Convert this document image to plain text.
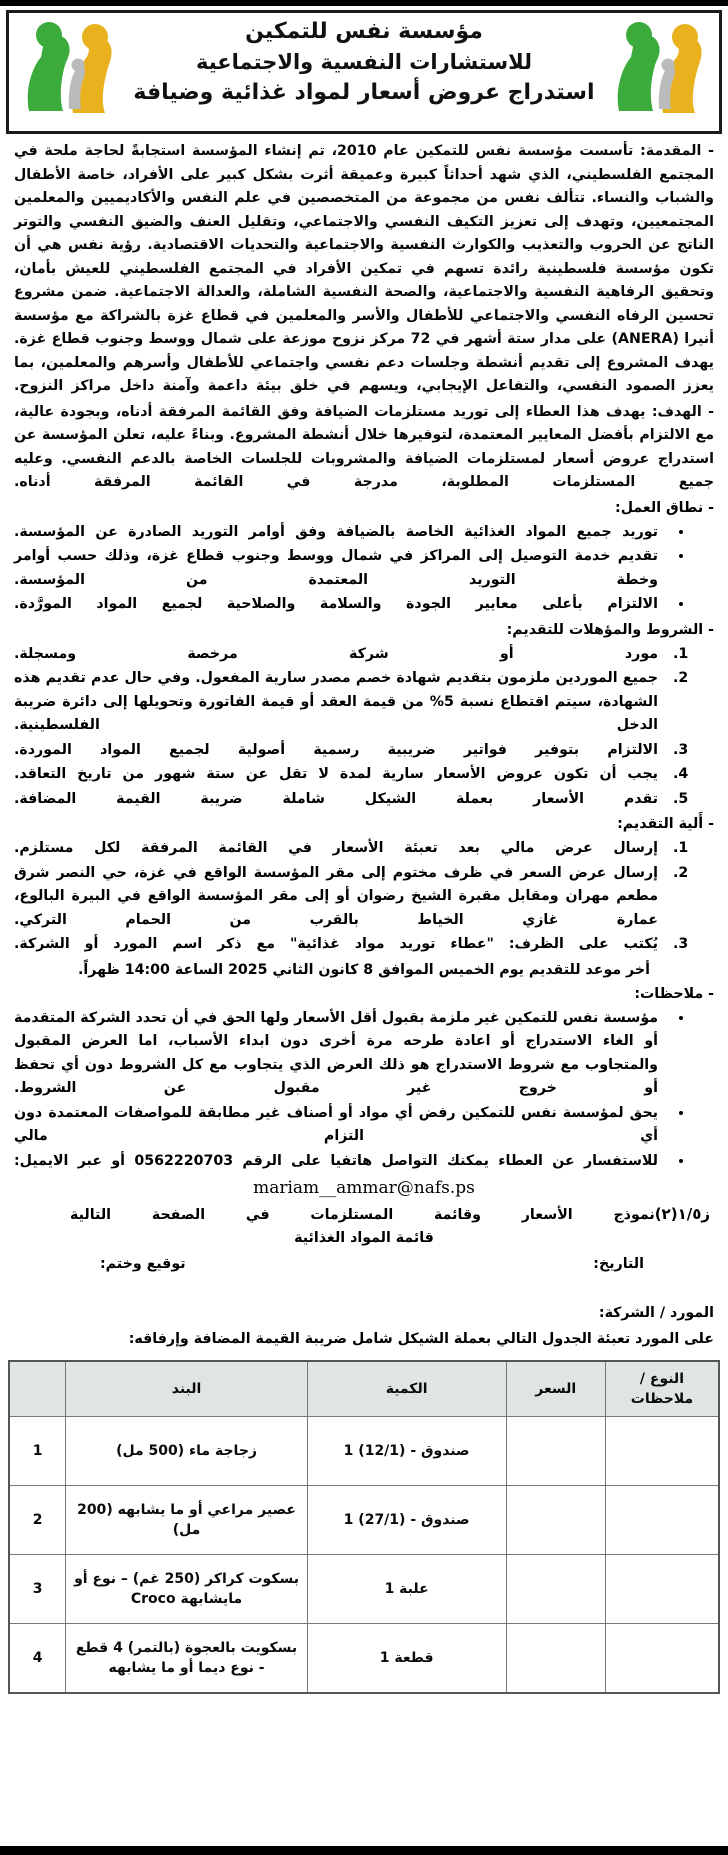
مؤسسة نفس للتمكين
للاستشارات النفسية والاجتماعية
استدراج عروض أسعار لمواد غذائية وضيافة

- المقدمة: تأسست مؤسسة نفس للتمكين عام 2010، تم إنشاء المؤسسة استجابةً لحاجة ملحة في المجتمع الفلسطيني، الذي شهد أحداثاً كبيرة وعميقة أثرت بشكل كبير على الأفراد، خاصة الأطفال والشباب والنساء. تتألف نفس من مجموعة من المتخصصين في علم النفس والأكاديميين والمعلمين المجتمعيين، وتهدف إلى تعزيز التكيف النفسي والاجتماعي، وتقليل العنف والضيق النفسي والتوتر الناتج عن الحروب والتعذيب والكوارث النفسية والاجتماعية والتحديات الاقتصادية. رؤية نفس هي أن تكون مؤسسة فلسطينية رائدة تسهم في تمكين الأفراد في المجتمع الفلسطيني للعيش بأمان، وتحقيق الرفاهية النفسية والاجتماعية، والصحة النفسية الشاملة، والعدالة الاجتماعية. ضمن مشروع تحسين الرفاه النفسي والاجتماعي للأطفال والأسر والمعلمين في قطاع غزة بالشراكة مع مؤسسة أنيرا (ANERA) على مدار ستة أشهر في 72 مركز نزوح موزعة على شمال ووسط وجنوب قطاع غزة. يهدف المشروع إلى تقديم أنشطة وجلسات دعم نفسي واجتماعي للأطفال وأسرهم والمعلمين، بما يعزز الصمود النفسي، والتفاعل الإيجابي، ويسهم في خلق بيئة داعمة وآمنة داخل مراكز النزوح.

- الهدف: يهدف هذا العطاء إلى توريد مستلزمات الضيافة وفق القائمة المرفقة أدناه، وبجودة عالية، مع الالتزام بأفضل المعايير المعتمدة، لتوفيرها خلال أنشطة المشروع. وبناءً عليه، تعلن المؤسسة عن استدراج عروض أسعار لمستلزمات الضيافة والمشروبات للجلسات الخاصة بالدعم النفسي. وعليه جميع المستلزمات المطلوبة، مدرجة في القائمة المرفقة أدناه.

- نطاق العمل:

• توريد جميع المواد الغذائية الخاصة بالضيافة وفق أوامر التوريد الصادرة عن المؤسسة.
• تقديم خدمة التوصيل إلى المراكز في شمال ووسط وجنوب قطاع غزة، وذلك حسب أوامر وخطة التوريد المعتمدة من المؤسسة.
• الالتزام بأعلى معايير الجودة والسلامة والصلاحية لجميع المواد المورَّدة.

- الشروط والمؤهلات للتقديم:

1. مورد أو شركة مرخصة ومسجلة.
2. جميع الموردين ملزمون بتقديم شهادة خصم مصدر سارية المفعول. وفي حال عدم تقديم هذه الشهادة، سيتم اقتطاع نسبة 5% من قيمة العقد أو قيمة الفاتورة وتحويلها إلى دائرة ضريبة الدخل الفلسطينية.
3. الالتزام بتوفير فواتير ضريبية رسمية أصولية لجميع المواد الموردة.
4. يجب أن تكون عروض الأسعار سارية لمدة لا تقل عن ستة شهور من تاريخ التعاقد.
5. تقدم الأسعار بعملة الشيكل شاملة ضريبة القيمة المضافة.

- أَلية التقديم:

1. إرسال عرض مالي بعد تعبئة الأسعار في القائمة المرفقة لكل مستلزم.
2. إرسال عرض السعر في ظرف مختوم إلى مقر المؤسسة الواقع في غزة، حي النصر شرق مطعم مهران ومقابل مقبرة الشيخ رضوان أو إلى مقر المؤسسة الواقع في البيرة البالوع، عمارة غازي الخياط بالقرب من الحمام التركي.
3. يُكتب على الظرف: "عطاء توريد مواد غذائية" مع ذكر اسم المورد أو الشركة.

أخر موعد للتقديم يوم الخميس الموافق 8 كانون الثاني 2025 الساعة 14:00 ظهراً.

- ملاحظات:

• مؤسسة نفس للتمكين غير ملزمة بقبول أقل الأسعار ولها الحق في أن تحدد الشركة المتقدمة أو الغاء الاستدراج أو اعادة طرحه مرة أخرى دون ابداء الأسباب، اما العرض المقبول والمتجاوب مع شروط الاستدراج هو ذلك العرض الذي يتجاوب مع كل الشروط دون أي تحفظ أو خروج غير مقبول عن الشروط.
• يحق لمؤسسة نفس للتمكين رفض أي مواد أو أصناف غير مطابقة للمواصفات المعتمدة دون أي التزام مالي
• للاستفسار عن العطاء يمكنك التواصل هاتفيا على الرقم 0562220703 أو عبر الايميل:
mariam__ammar@nafs.ps
ز١/٥(٢)
نموذج الأسعار وقائمة المستلزمات في الصفحة التالية

قائمة المواد الغذائية

التاريخ:
توقيع وختم:

المورد / الشركة:

على المورد تعبئة الجدول التالي بعملة الشيكل شامل ضريبة القيمة المضافة وإرفاقه:

النوع / ملاحظات	السعر	الكمية	البند	
		صندوق - (12/1) 1	زجاجة ماء (500 مل)	1
		صندوق - (27/1) 1	عصير مراعي أو ما يشابهه (200 مل)	2
		علبة 1	بسكوت كراكر (250 غم) – نوع أو مايشابهة Croco	3
		قطعة 1	بسكويت بالعجوة (بالتمر) 4 قطع - نوع ديما أو ما يشابهه	4
